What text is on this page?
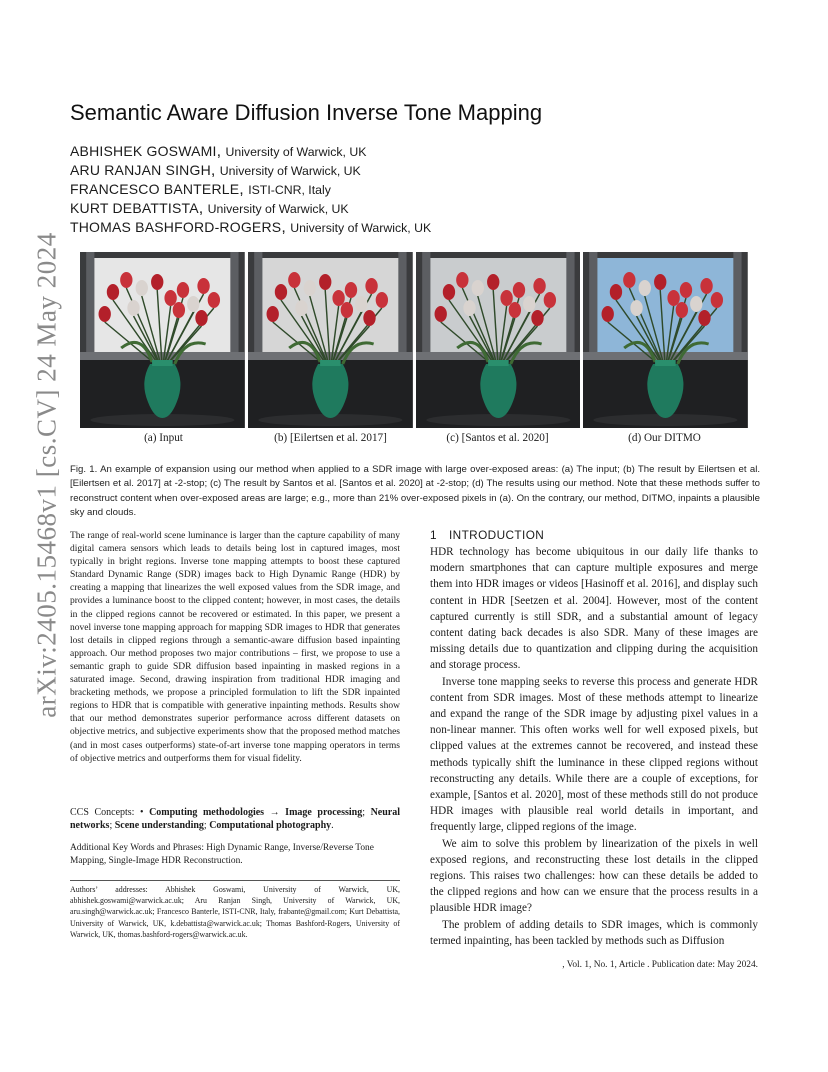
arXiv:2405.15468v1 [cs.CV] 24 May 2024
Semantic Aware Diffusion Inverse Tone Mapping
ABHISHEK GOSWAMI, University of Warwick, UK
ARU RANJAN SINGH, University of Warwick, UK
FRANCESCO BANTERLE, ISTI-CNR, Italy
KURT DEBATTISTA, University of Warwick, UK
THOMAS BASHFORD-ROGERS, University of Warwick, UK
(a) Input	(b) [Eilertsen et al. 2017]	(c) [Santos et al. 2020]	(d) Our DITMO
Fig. 1. An example of expansion using our method when applied to a SDR image with large over-exposed areas: (a) The input; (b) The result by Eilertsen et al. [Eilertsen et al. 2017] at -2-stop; (c) The result by Santos et al. [Santos et al. 2020] at -2-stop; (d) The results using our method. Note that these methods suffer to reconstruct content when over-exposed areas are large; e.g., more than 21% over-exposed pixels in (a). On the contrary, our method, DITMO, inpaints a plausible sky and clouds.
The range of real-world scene luminance is larger than the capture capability of many digital camera sensors which leads to details being lost in captured images, most typically in bright regions. Inverse tone mapping attempts to boost these captured Standard Dynamic Range (SDR) images back to High Dynamic Range (HDR) by creating a mapping that linearizes the well exposed values from the SDR image, and provides a luminance boost to the clipped content; however, in most cases, the details in the clipped regions cannot be recovered or estimated. In this paper, we present a novel inverse tone mapping approach for mapping SDR images to HDR that generates lost details in clipped regions through a semantic-aware diffusion based inpainting approach. Our method proposes two major contributions – first, we propose to use a semantic graph to guide SDR diffusion based inpainting in masked regions in a saturated image. Second, drawing inspiration from traditional HDR imaging and bracketing methods, we propose a principled formulation to lift the SDR inpainted regions to HDR that is compatible with generative inpainting methods. Results show that our method demonstrates superior performance across different datasets on objective metrics, and subjective experiments show that the proposed method matches (and in most cases outperforms) state-of-art inverse tone mapping operators in terms of objective metrics and outperforms them for visual fidelity.
CCS Concepts: • Computing methodologies → Image processing; Neural networks; Scene understanding; Computational photography.
Additional Key Words and Phrases: High Dynamic Range, Inverse/Reverse Tone Mapping, Single-Image HDR Reconstruction.
Authors’ addresses: Abhishek Goswami, University of Warwick, UK, abhishek.goswami@warwick.ac.uk; Aru Ranjan Singh, University of Warwick, UK, aru.singh@warwick.ac.uk; Francesco Banterle, ISTI-CNR, Italy, frabante@gmail.com; Kurt Debattista, University of Warwick, UK, k.debattista@warwick.ac.uk; Thomas Bashford-Rogers, University of Warwick, UK, thomas.bashford-rogers@warwick.ac.uk.
1 INTRODUCTION

HDR technology has become ubiquitous in our daily life thanks to modern smartphones that can capture multiple exposures and merge them into HDR images or videos [Hasinoff et al. 2016], and display such content in HDR [Seetzen et al. 2004]. However, most of the content captured currently is still SDR, and a substantial amount of legacy content dating back decades is also SDR. Many of these images are missing details due to quantization and clipping during the acquisition and storage process.

Inverse tone mapping seeks to reverse this process and generate HDR content from SDR images. Most of these methods attempt to linearize and expand the range of the SDR image by adjusting pixel values in a non-linear manner. This often works well for well exposed pixels, but clipped values at the extremes cannot be recovered, and instead these methods typically shift the luminance in these clipped regions without reconstructing any details. While there are a couple of exceptions, for example, [Santos et al. 2020], most of these methods still do not produce HDR images with plausible real world details in important, and frequently large, clipped regions of the image.

We aim to solve this problem by linearization of the pixels in well exposed regions, and reconstructing these lost details in the clipped regions. This raises two challenges: how can these details be added to the clipped regions and how can we ensure that the process results in a plausible HDR image?

The problem of adding details to SDR images, which is commonly termed inpainting, has been tackled by methods such as Diffusion

, Vol. 1, No. 1, Article . Publication date: May 2024.
